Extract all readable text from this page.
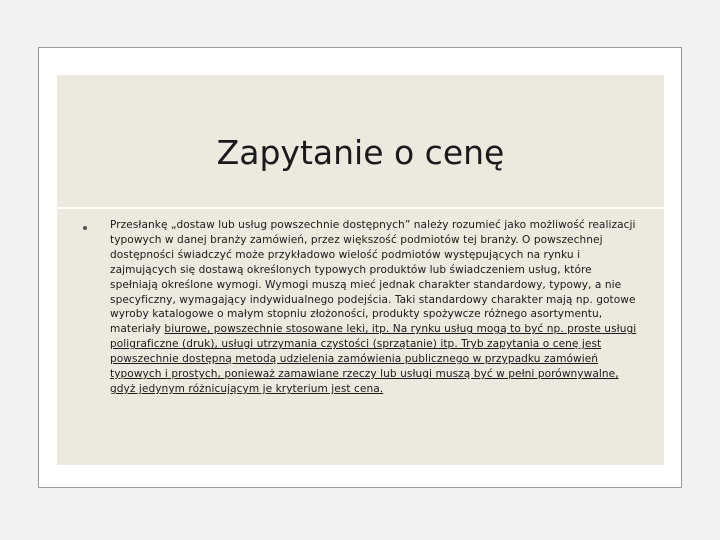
Zapytanie o cenę

Przesłankę „dostaw lub usług powszechnie dostępnych” należy rozumieć jako możliwość realizacji typowych w danej branży zamówień, przez większość podmiotów tej branży. O powszechnej dostępności świadczyć może przykładowo wielość podmiotów występujących na rynku i zajmujących się dostawą określonych typowych produktów lub świadczeniem usług, które spełniają określone wymogi. Wymogi muszą mieć jednak charakter standardowy, typowy, a nie specyficzny, wymagający indywidualnego podejścia. Taki standardowy charakter mają np. gotowe wyroby katalogowe o małym stopniu złożoności, produkty spożywcze różnego asortymentu, materiały biurowe, powszechnie stosowane leki, itp. Na rynku usług mogą to być np. proste usługi poligraficzne (druk), usługi utrzymania czystości (sprzątanie) itp. Tryb zapytania o cenę jest powszechnie dostępną metodą udzielenia zamówienia publicznego w przypadku zamówień typowych i prostych, ponieważ zamawiane rzeczy lub usługi muszą być w pełni porównywalne, gdyż jedynym różnicującym je kryterium jest cena.
